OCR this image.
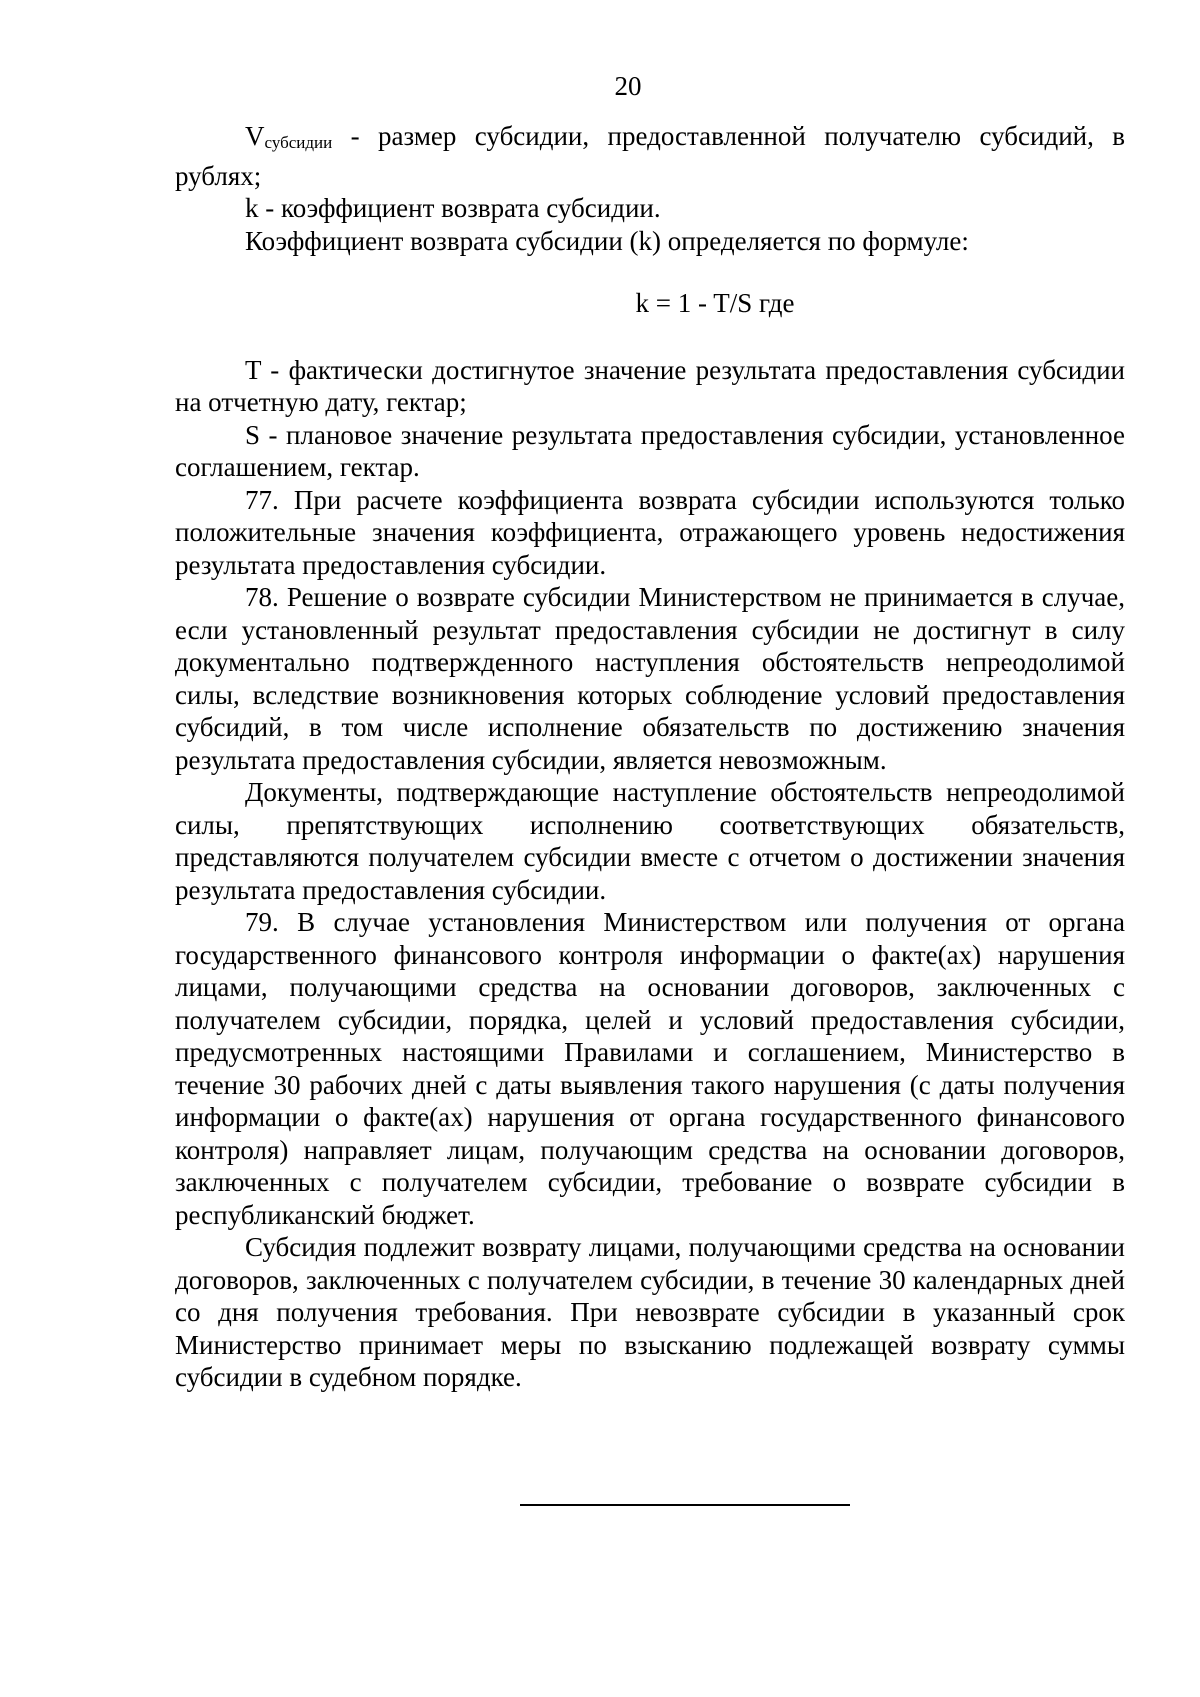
20

Vсубсидии - размер субсидии, предоставленной получателю субсидий, в рублях;

k - коэффициент возврата субсидии.

Коэффициент возврата субсидии (k) определяется по формуле:

k = 1 - T/S где

T - фактически достигнутое значение результата предоставления субсидии на отчетную дату, гектар;

S - плановое значение результата предоставления субсидии, установленное соглашением, гектар.

77. При расчете коэффициента возврата субсидии используются только положительные значения коэффициента, отражающего уровень недостижения результата предоставления субсидии.

78. Решение о возврате субсидии Министерством не принимается в случае, если установленный результат предоставления субсидии не достигнут в силу документально подтвержденного наступления обстоятельств непреодолимой силы, вследствие возникновения которых соблюдение условий предоставления субсидий, в том числе исполнение обязательств по достижению значения результата предоставления субсидии, является невозможным.

Документы, подтверждающие наступление обстоятельств непреодолимой силы, препятствующих исполнению соответствующих обязательств, представляются получателем субсидии вместе с отчетом о достижении значения результата предоставления субсидии.

79. В случае установления Министерством или получения от органа государственного финансового контроля информации о факте(ах) нарушения лицами, получающими средства на основании договоров, заключенных с получателем субсидии, порядка, целей и условий предоставления субсидии, предусмотренных настоящими Правилами и соглашением, Министерство в течение 30 рабочих дней с даты выявления такого нарушения (с даты получения информации о факте(ах) нарушения от органа государственного финансового контроля) направляет лицам, получающим средства на основании договоров, заключенных с получателем субсидии, требование о возврате субсидии в республиканский бюджет.

Субсидия подлежит возврату лицами, получающими средства на основании договоров, заключенных с получателем субсидии, в течение 30 календарных дней со дня получения требования. При невозврате субсидии в указанный срок Министерство принимает меры по взысканию подлежащей возврату суммы субсидии в судебном порядке.
